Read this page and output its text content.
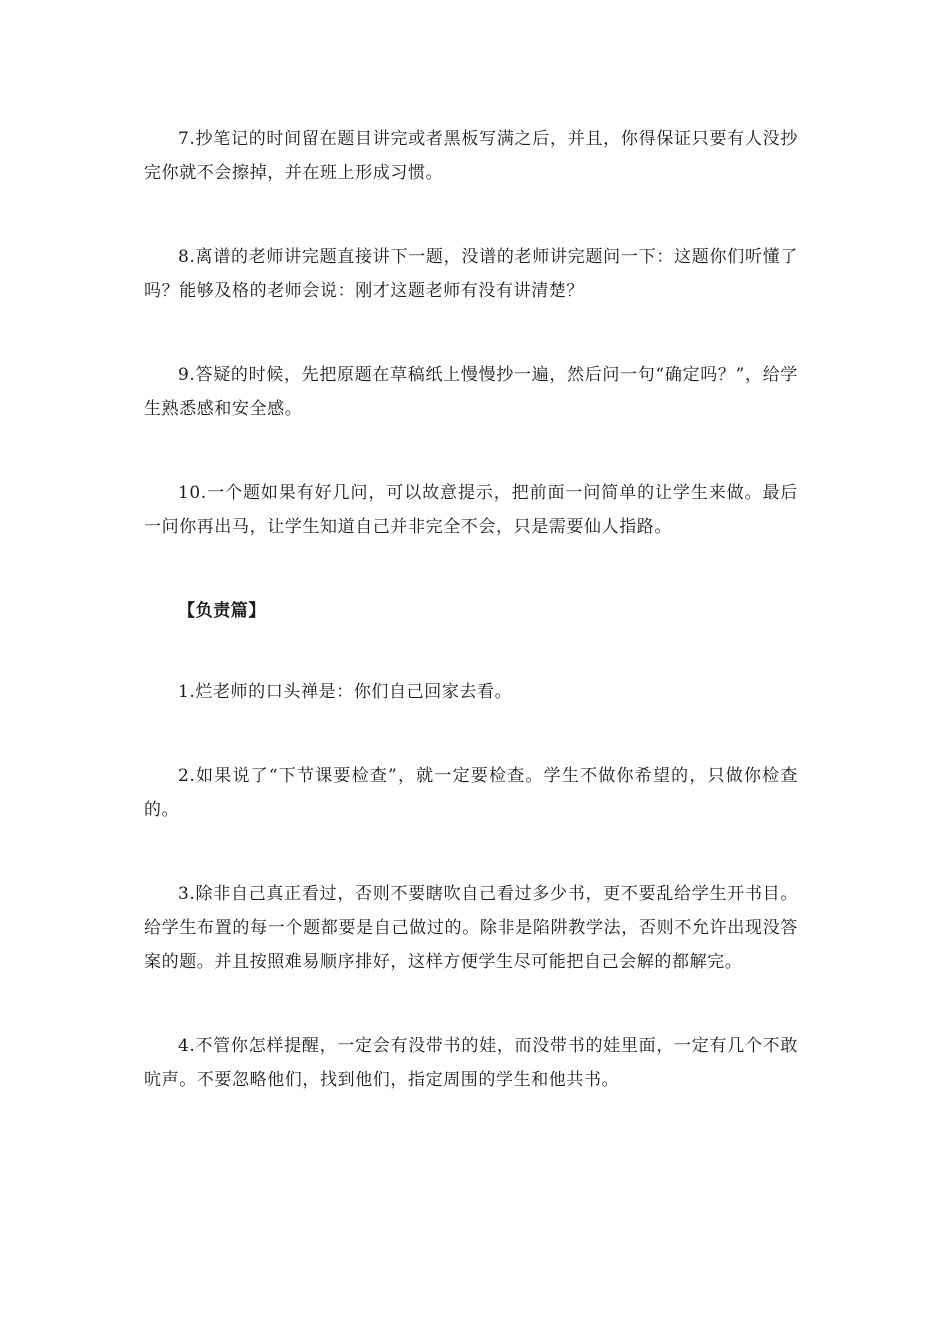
7.抄笔记的时间留在题目讲完或者黑板写满之后，并且，你得保证只要有人没抄完你就不会擦掉，并在班上形成习惯。

8.离谱的老师讲完题直接讲下一题，没谱的老师讲完题问一下：这题你们听懂了吗？能够及格的老师会说：刚才这题老师有没有讲清楚？

9.答疑的时候，先把原题在草稿纸上慢慢抄一遍，然后问一句“确定吗？”，给学生熟悉感和安全感。

10.一个题如果有好几问，可以故意提示，把前面一问简单的让学生来做。最后一问你再出马，让学生知道自己并非完全不会，只是需要仙人指路。

【负责篇】

1.烂老师的口头禅是：你们自己回家去看。

2.如果说了“下节课要检查”，就一定要检查。学生不做你希望的，只做你检查的。

3.除非自己真正看过，否则不要瞎吹自己看过多少书，更不要乱给学生开书目。给学生布置的每一个题都要是自己做过的。除非是陷阱教学法，否则不允许出现没答案的题。并且按照难易顺序排好，这样方便学生尽可能把自己会解的都解完。

4.不管你怎样提醒，一定会有没带书的娃，而没带书的娃里面，一定有几个不敢吭声。不要忽略他们，找到他们，指定周围的学生和他共书。
